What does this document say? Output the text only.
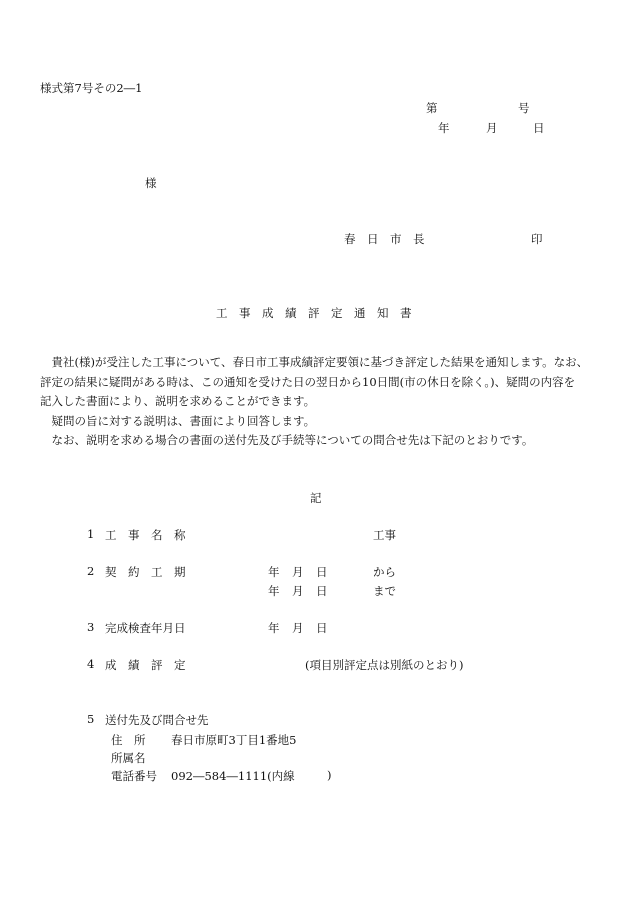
様式第7号その2―1
第	号
年	月	日
様
春　日　市　長	印
工　事　成　績　評　定　通　知　書

　貴社(様)が受注した工事について、春日市工事成績評定要領に基づき評定した結果を通知します。なお、

評定の結果に疑問がある時は、この通知を受けた日の翌日から10日間(市の休日を除く。)、疑問の内容を

記入した書面により、説明を求めることができます。

　疑問の旨に対する説明は、書面により回答します。

　なお、説明を求める場合の書面の送付先及び手続等についての問合せ先は下記のとおりです。

記
1 工　事　名　称	工事
2 契　約　工　期	年 月 日	から
年 月 日	まで
3 完成検査年月日	年 月 日
4 成　績　評　定	(項目別評定点は別紙のとおり)
5 送付先及び問合せ先
住　所 春日市原町3丁目1番地5
所属名
電話番号 092―584―1111(内線	)
